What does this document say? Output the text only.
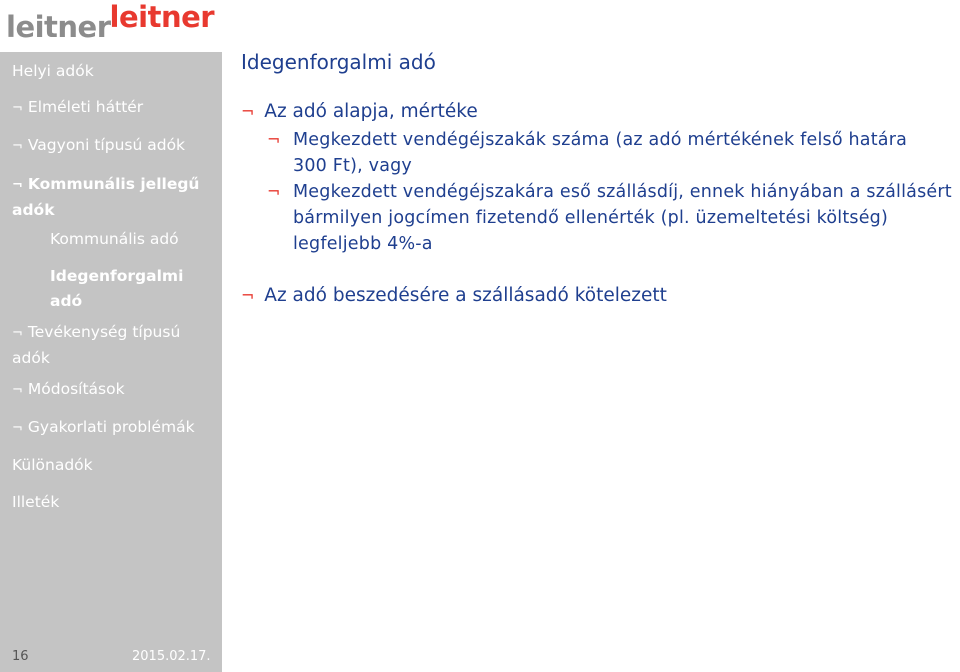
leitnerleitner
Helyi adók
¬ Elméleti háttér
¬ Vagyoni típusú adók
¬ Kommunális jellegű
adók
Kommunális adó
Idegenforgalmi
adó
¬ Tevékenység típusú
adók
¬ Módosítások
¬ Gyakorlati problémák
Különadók
Illeték
16	2015.02.17.
Idegenforgalmi adó
¬ Az adó alapja, mértéke
¬ Megkezdett vendégéjszakák száma (az adó mértékének felső határa 300 Ft), vagy
¬ Megkezdett vendégéjszakára eső szállásdíj, ennek hiányában a szállásért bármilyen jogcímen fizetendő ellenérték (pl. üzemeltetési költség) legfeljebb 4%-a
¬ Az adó beszedésére a szállásadó kötelezett
